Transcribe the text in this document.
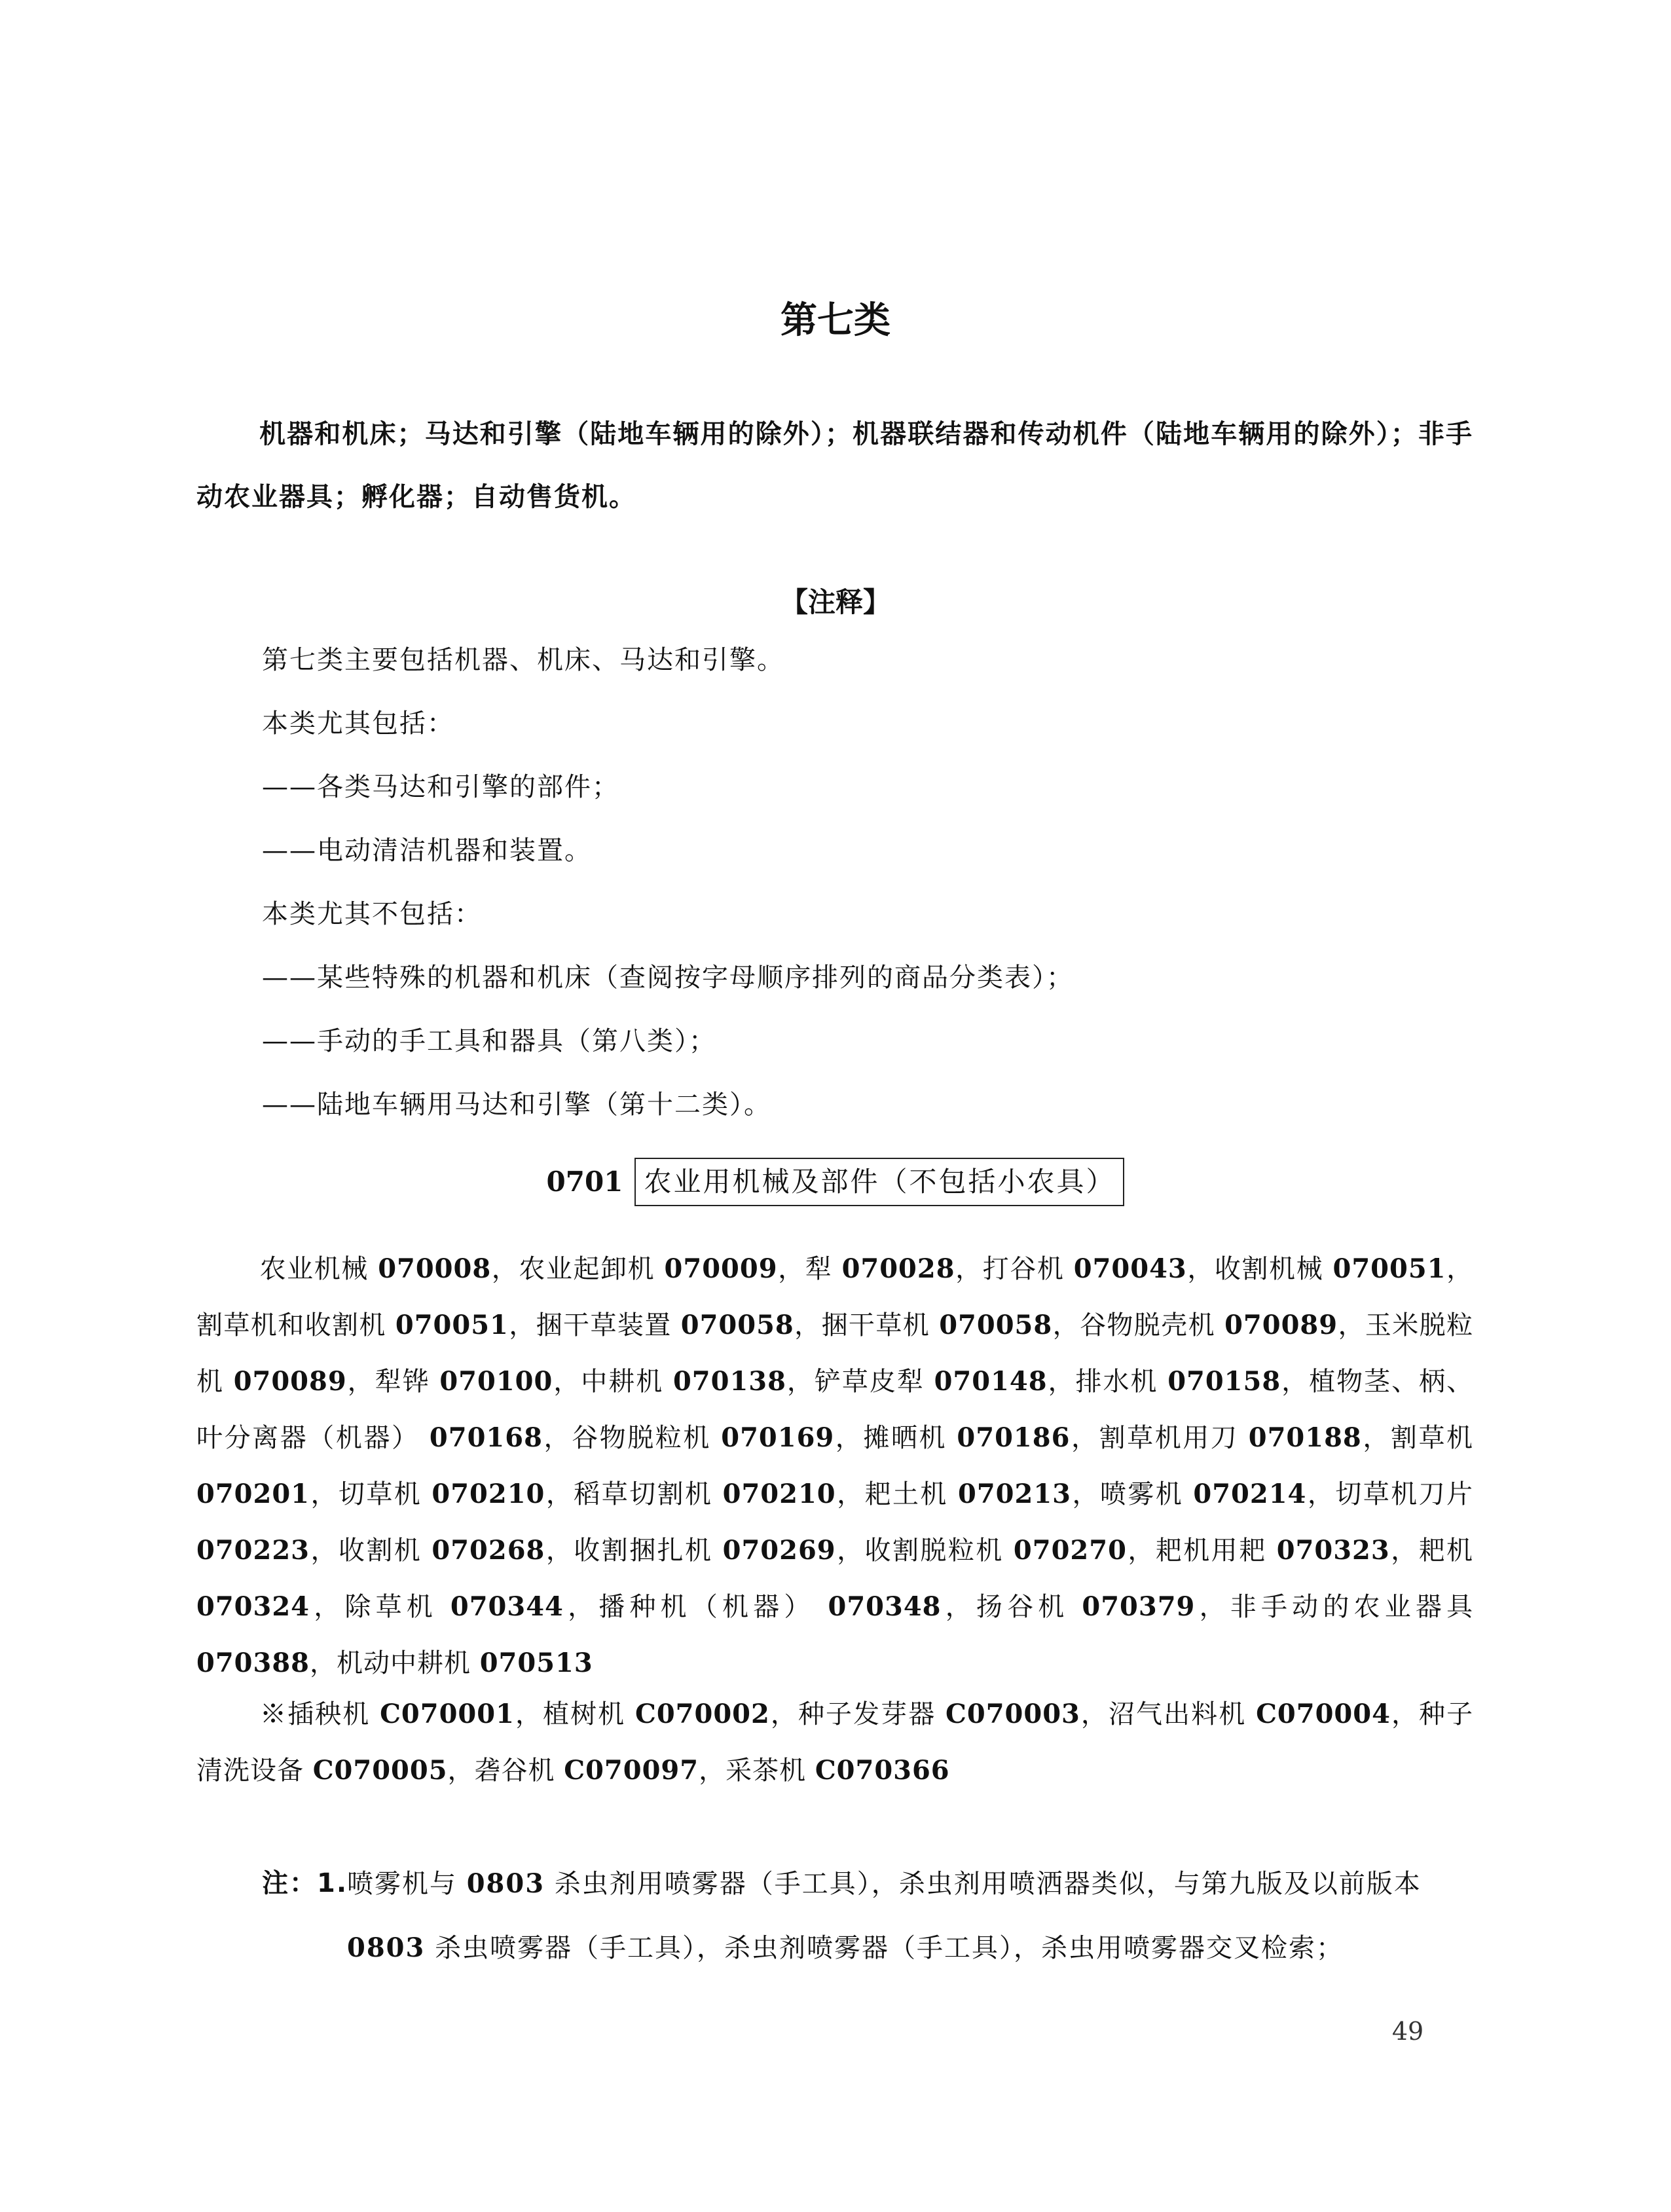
第七类
机器和机床；马达和引擎（陆地车辆用的除外）；机器联结器和传动机件（陆地车辆用的除外）；非手动农业器具；孵化器；自动售货机。
【注释】
第七类主要包括机器、机床、马达和引擎。
本类尤其包括：
——各类马达和引擎的部件；
——电动清洁机器和装置。
本类尤其不包括：
——某些特殊的机器和机床（查阅按字母顺序排列的商品分类表）；
——手动的手工具和器具（第八类）；
——陆地车辆用马达和引擎（第十二类）。
0701 农业用机械及部件（不包括小农具）
农业机械 070008，农业起卸机 070009，犁 070028，打谷机 070043，收割机械 070051，割草机和收割机 070051，捆干草装置 070058，捆干草机 070058，谷物脱壳机 070089，玉米脱粒机 070089，犁铧 070100，中耕机 070138，铲草皮犁 070148，排水机 070158，植物茎、柄、叶分离器（机器） 070168，谷物脱粒机 070169，摊晒机 070186，割草机用刀 070188，割草机 070201，切草机 070210，稻草切割机 070210，耙土机 070213，喷雾机 070214，切草机刀片 070223，收割机 070268，收割捆扎机 070269，收割脱粒机 070270，耙机用耙 070323，耙机 070324，除草机 070344，播种机（机器） 070348，扬谷机 070379，非手动的农业器具 070388，机动中耕机 070513
※插秧机 C070001，植树机 C070002，种子发芽器 C070003，沼气出料机 C070004，种子清洗设备 C070005，砻谷机 C070097，采茶机 C070366
注：1.
喷雾机与 0803 杀虫剂用喷雾器（手工具），杀虫剂用喷洒器类似，与第九版及以前版本 0803 杀虫喷雾器（手工具），杀虫剂喷雾器（手工具），杀虫用喷雾器交叉检索；
49
